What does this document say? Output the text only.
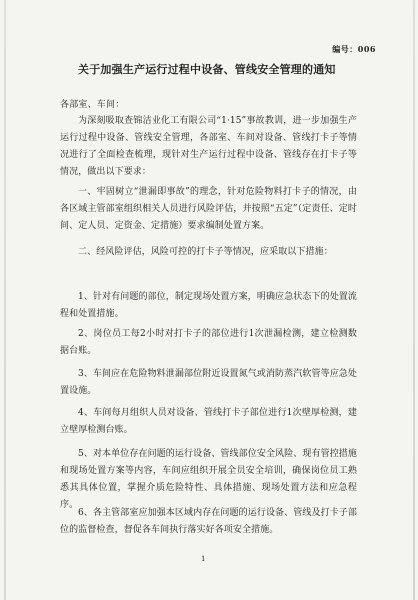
编号：006
关于加强生产运行过程中设备、管线安全管理的通知
各部室、车间：
为深刻吸取查锦洁业化工有限公司“1·15”事故教训，进一步加强生产运行过程中设备、管线安全管理，各部室、车间对设备、管线打卡子等情况进行了全面检查梳理，现针对生产运行过程中设备、管线存在打卡子等情况，做出以下要求：
一、牢固树立“泄漏即事故”的理念，针对危险物料打卡子的情况，由各区域主管部室组织相关人员进行风险评估，并按照“五定”（定责任、定时间、定人员、定资金、定措施）要求编制处置方案。
二、经风险评估，风险可控的打卡子等情况，应采取以下措施：
1、针对有问题的部位，制定现场处置方案，明确应急状态下的处置流程和处置措施。
2、岗位员工每2小时对打卡子的部位进行1次泄漏检测，建立检测数据台账。
3、车间应在危险物料泄漏部位附近设置氮气或消防蒸汽软管等应急处置设施。
4、车间每月组织人员对设备、管线打卡子部位进行1次壁厚检测，建立壁厚检测台账。
5、对本单位存在问题的运行设备、管线部位安全风险、现有管控措施和现场处置方案等内容，车间应组织开展全员安全培训，确保岗位员工熟悉其具体位置，掌握介质危险特性、具体措施、现场处置方法和应急程序。
6、各主管部室应加强本区域内存在问题的运行设备、管线及打卡子部位的监督检查，督促各车间执行落实好各项安全措施。
1
